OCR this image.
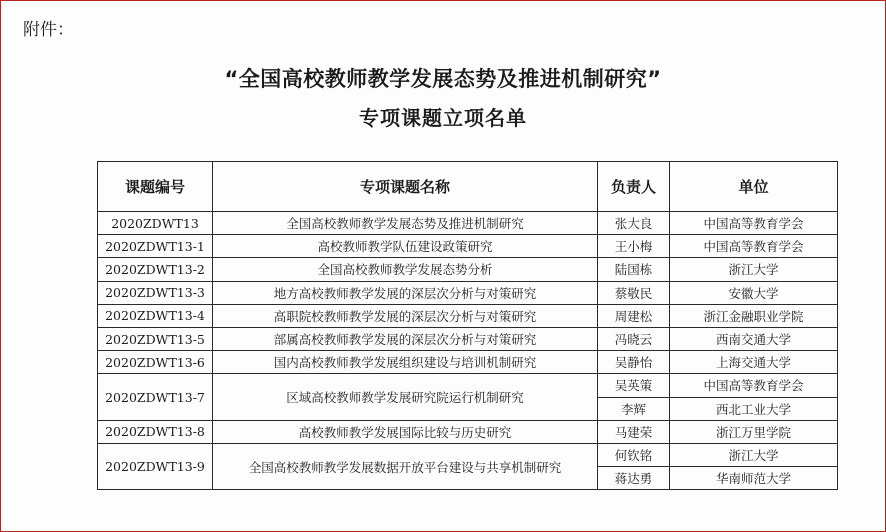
附件：
“全国高校教师教学发展态势及推进机制研究”
专项课题立项名单
课题编号	专项课题名称	负责人	单位
2020ZDWT13	全国高校教师教学发展态势及推进机制研究	张大良	中国高等教育学会
2020ZDWT13-1	高校教师教学队伍建设政策研究	王小梅	中国高等教育学会
2020ZDWT13-2	全国高校教师教学发展态势分析	陆国栋	浙江大学
2020ZDWT13-3	地方高校教师教学发展的深层次分析与对策研究	蔡敬民	安徽大学
2020ZDWT13-4	高职院校教师教学发展的深层次分析与对策研究	周建松	浙江金融职业学院
2020ZDWT13-5	部属高校教师教学发展的深层次分析与对策研究	冯晓云	西南交通大学
2020ZDWT13-6	国内高校教师教学发展组织建设与培训机制研究	吴静怡	上海交通大学
2020ZDWT13-7	区域高校教师教学发展研究院运行机制研究	吴英策	中国高等教育学会
		李辉	西北工业大学
2020ZDWT13-8	高校教师教学发展国际比较与历史研究	马建荣	浙江万里学院
2020ZDWT13-9	全国高校教师教学发展数据开放平台建设与共享机制研究	何钦铭	浙江大学
		蒋达勇	华南师范大学
